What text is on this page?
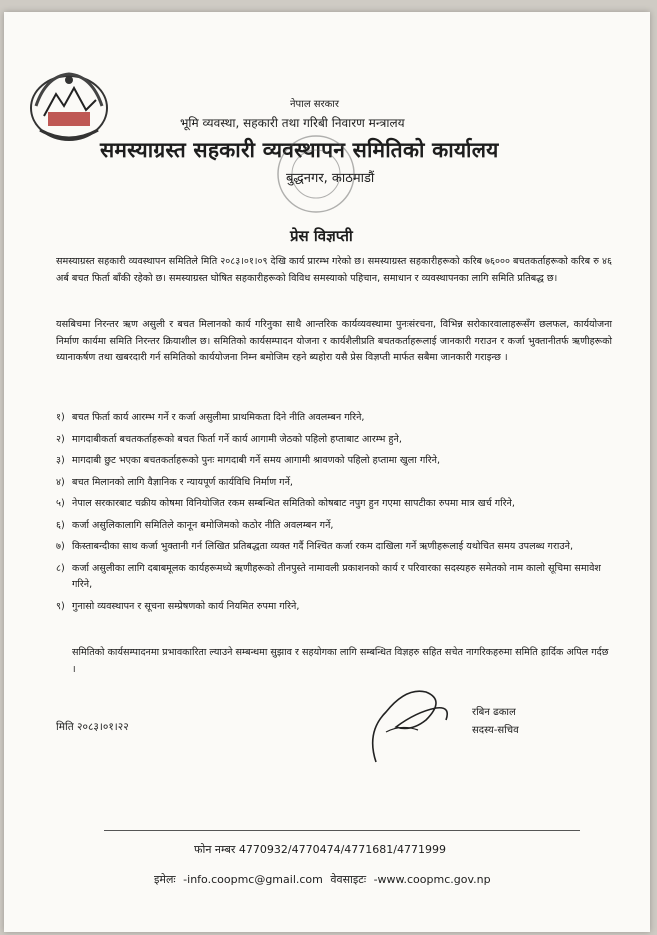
नेपाल सरकार
भूमि व्यवस्था, सहकारी तथा गरिबी निवारण मन्त्रालय
समस्याग्रस्त सहकारी व्यवस्थापन समितिको कार्यालय
बुद्धनगर, काठमाडौं
प्रेस विज्ञप्ती

समस्याग्रस्त सहकारी व्यवस्थापन समितिले मिति २०८३।०१।०९ देखि कार्य प्रारम्भ गरेको छ। समस्याग्रस्त सहकारीहरूको करिब ७६००० बचतकर्ताहरूको करिब रु ४६ अर्ब बचत फिर्ता बाँकी रहेको छ। समस्याग्रस्त घोषित सहकारीहरूको विविध समस्याको पहिचान, समाधान र व्यवस्थापनका लागि समिति प्रतिबद्ध छ।

यसबिचमा निरन्तर ऋण असुली र बचत मिलानको कार्य गरिनुका साथै आन्तरिक कार्यव्यवस्थामा पुनःसंरचना, विभिन्न सरोकारवालाहरूसँग छलफल, कार्ययोजना निर्माण कार्यमा समिति निरन्तर क्रियाशील छ। समितिको कार्यसम्पादन योजना र कार्यशैलीप्रति बचतकर्ताहरूलाई जानकारी गराउन र कर्जा भुक्तानीतर्फ ऋणीहरूको ध्यानाकर्षण तथा खबरदारी गर्न समितिको कार्ययोजना निम्न बमोजिम रहने ब्यहोरा यसै प्रेस विज्ञप्ती मार्फत सबैमा जानकारी गराइन्छ ।

१) बचत फिर्ता कार्य आरम्भ गर्ने र कर्जा असुलीमा प्राथमिकता दिने नीति अवलम्बन गरिने,
२) मागदाबीकर्ता बचतकर्ताहरूको बचत फिर्ता गर्ने कार्य आगामी जेठको पहिलो हप्ताबाट आरम्भ हुने,
३) मागदाबी छुट भएका बचतकर्ताहरूको पुनः मागदाबी गर्ने समय आगामी श्रावणको पहिलो हप्तामा खुला गरिने,
४) बचत मिलानको लागि वैज्ञानिक र न्यायपूर्ण कार्यविधि निर्माण गर्ने,
५) नेपाल सरकारबाट चक्रीय कोषमा विनियोजित रकम सम्बन्धित समितिको कोषबाट नपुग हुन गएमा सापटीका रुपमा मात्र खर्च गरिने,
६) कर्जा असुलिकालागि समितिले कानून बमोजिमको कठोर नीति अवलम्बन गर्ने,
७) किस्ताबन्दीका साथ कर्जा भुक्तानी गर्न लिखित प्रतिबद्धता व्यक्त गर्दै निश्चित कर्जा रकम दाखिला गर्ने ऋणीहरूलाई यथोचित समय उपलब्ध गराउने,
८) कर्जा असुलीका लागि दबाबमूलक कार्यहरूमध्ये ऋणीहरूको तीनपुस्ते नामावली प्रकाशनको कार्य र परिवारका सदस्यहरु समेतको नाम कालो सूचिमा समावेश गरिने,
९) गुनासो व्यवस्थापन र सूचना सम्प्रेषणको कार्य नियमित रुपमा गरिने,

समितिको कार्यसम्पादनमा प्रभावकारिता ल्याउने सम्बन्धमा सुझाव र सहयोगका लागि सम्बन्धित विज्ञहरु सहित सचेत नागरिकहरुमा समिति हार्दिक अपिल गर्दछ ।

मिति २०८३।०१।२२
रबिन ढकाल
सदस्य-सचिव
फोन नम्बर 4770932/4770474/4771681/4771999
इमेलः -info.coopmc@gmail.com वेवसाइटः -www.coopmc.gov.np
